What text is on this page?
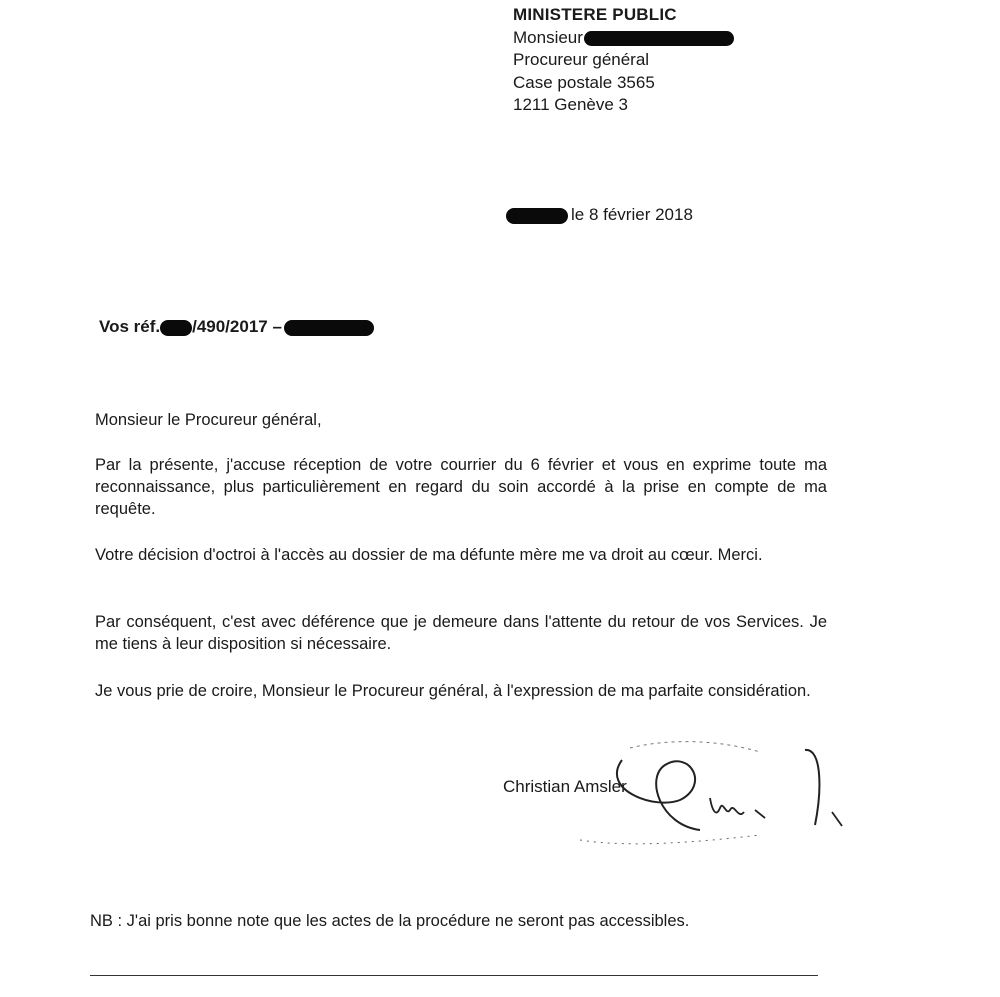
MINISTERE PUBLIC
Monsieur
Procureur général
Case postale 3565
1211 Genève 3
le 8 février 2018
Vos réf. /490/2017 –
Monsieur le Procureur général,
Par la présente, j'accuse réception de votre courrier du 6 février et vous en exprime toute ma reconnaissance, plus particulièrement en regard du soin accordé à la prise en compte de ma requête.
Votre décision d'octroi à l'accès au dossier de ma défunte mère me va droit au cœur. Merci.
Par conséquent, c'est avec déférence que je demeure dans l'attente du retour de vos Services. Je me tiens à leur disposition si nécessaire.
Je vous prie de croire, Monsieur le Procureur général, à l'expression de ma parfaite considération.
Christian Amsler
NB : J'ai pris bonne note que les actes de la procédure ne seront pas accessibles.
